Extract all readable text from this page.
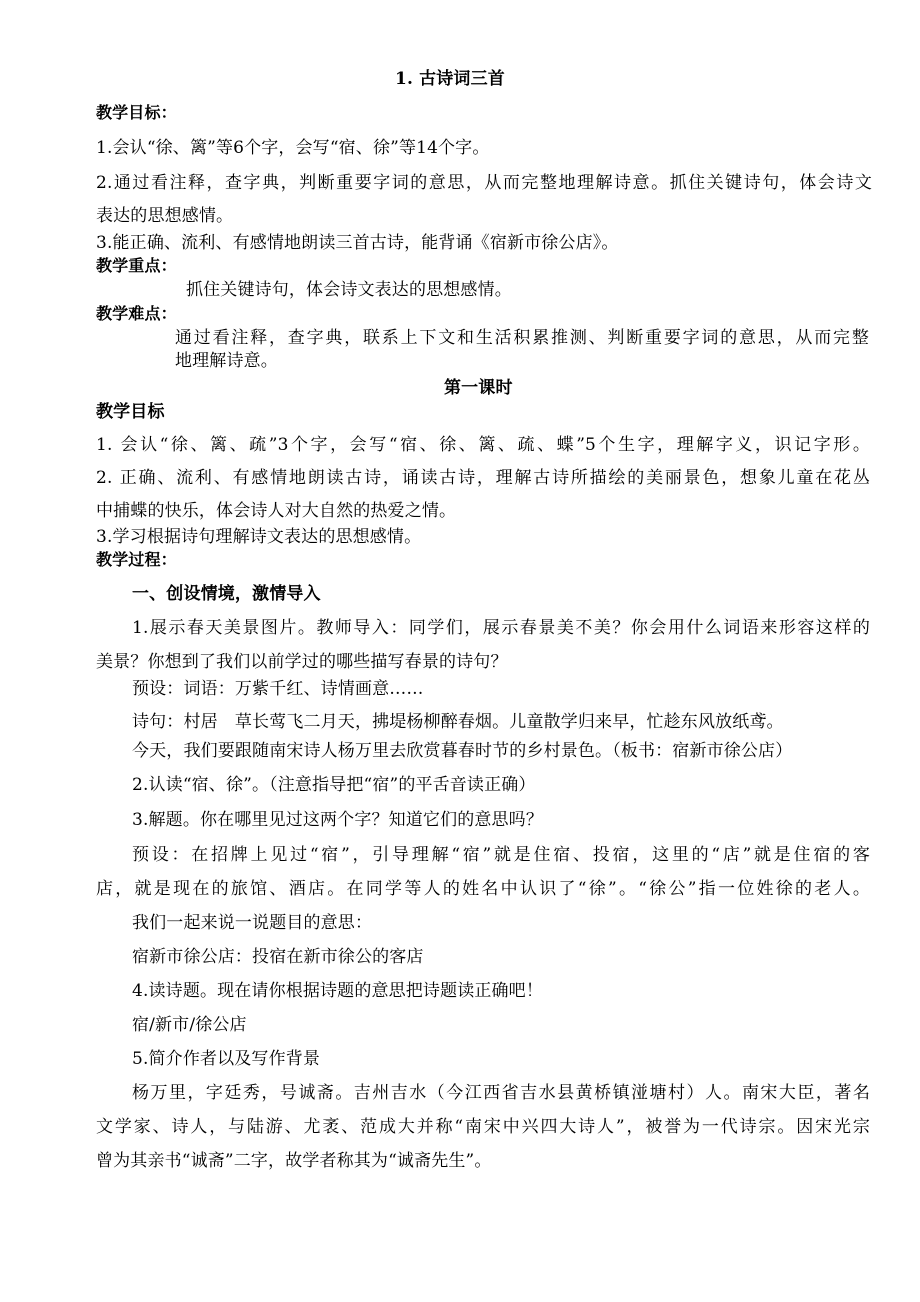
1. 古诗词三首
教学目标：
1.会认“徐、篱”等6个字，会写“宿、徐”等14个字。
2.通过看注释，查字典，判断重要字词的意思，从而完整地理解诗意。抓住关键诗句，体会诗文
表达的思想感情。
3.能正确、流利、有感情地朗读三首古诗，能背诵《宿新市徐公店》。
教学重点：
抓住关键诗句，体会诗文表达的思想感情。
教学难点：
通过看注释，查字典，联系上下文和生活积累推测、判断重要字词的意思，从而完整
地理解诗意。
第一课时
教学目标
1. 会认“徐、篱、疏”3个字，会写“宿、徐、篱、疏、蝶”5个生字，理解字义，识记字形。
2. 正确、流利、有感情地朗读古诗，诵读古诗，理解古诗所描绘的美丽景色，想象儿童在花丛
中捕蝶的快乐，体会诗人对大自然的热爱之情。
3.学习根据诗句理解诗文表达的思想感情。
教学过程：
一、创设情境，激情导入
1.展示春天美景图片。教师导入：同学们，展示春景美不美？你会用什么词语来形容这样的
美景？你想到了我们以前学过的哪些描写春景的诗句？
预设：词语：万紫千红、诗情画意……
诗句：村居　草长莺飞二月天，拂堤杨柳醉春烟。儿童散学归来早，忙趁东风放纸鸢。
今天，我们要跟随南宋诗人杨万里去欣赏暮春时节的乡村景色。（板书：宿新市徐公店）
2.认读“宿、徐”。（注意指导把“宿”的平舌音读正确）
3.解题。你在哪里见过这两个字？知道它们的意思吗？
预设：在招牌上见过“宿”，引导理解“宿”就是住宿、投宿，这里的“店”就是住宿的客
店，就是现在的旅馆、酒店。在同学等人的姓名中认识了“徐”。“徐公”指一位姓徐的老人。
我们一起来说一说题目的意思：
宿新市徐公店：投宿在新市徐公的客店
4.读诗题。现在请你根据诗题的意思把诗题读正确吧！
宿/新市/徐公店
5.简介作者以及写作背景
杨万里，字廷秀，号诚斋。吉州吉水（今江西省吉水县黄桥镇湴塘村）人。南宋大臣，著名
文学家、诗人，与陆游、尤袤、范成大并称“南宋中兴四大诗人”，被誉为一代诗宗。因宋光宗
曾为其亲书“诚斋”二字，故学者称其为“诚斋先生”。
